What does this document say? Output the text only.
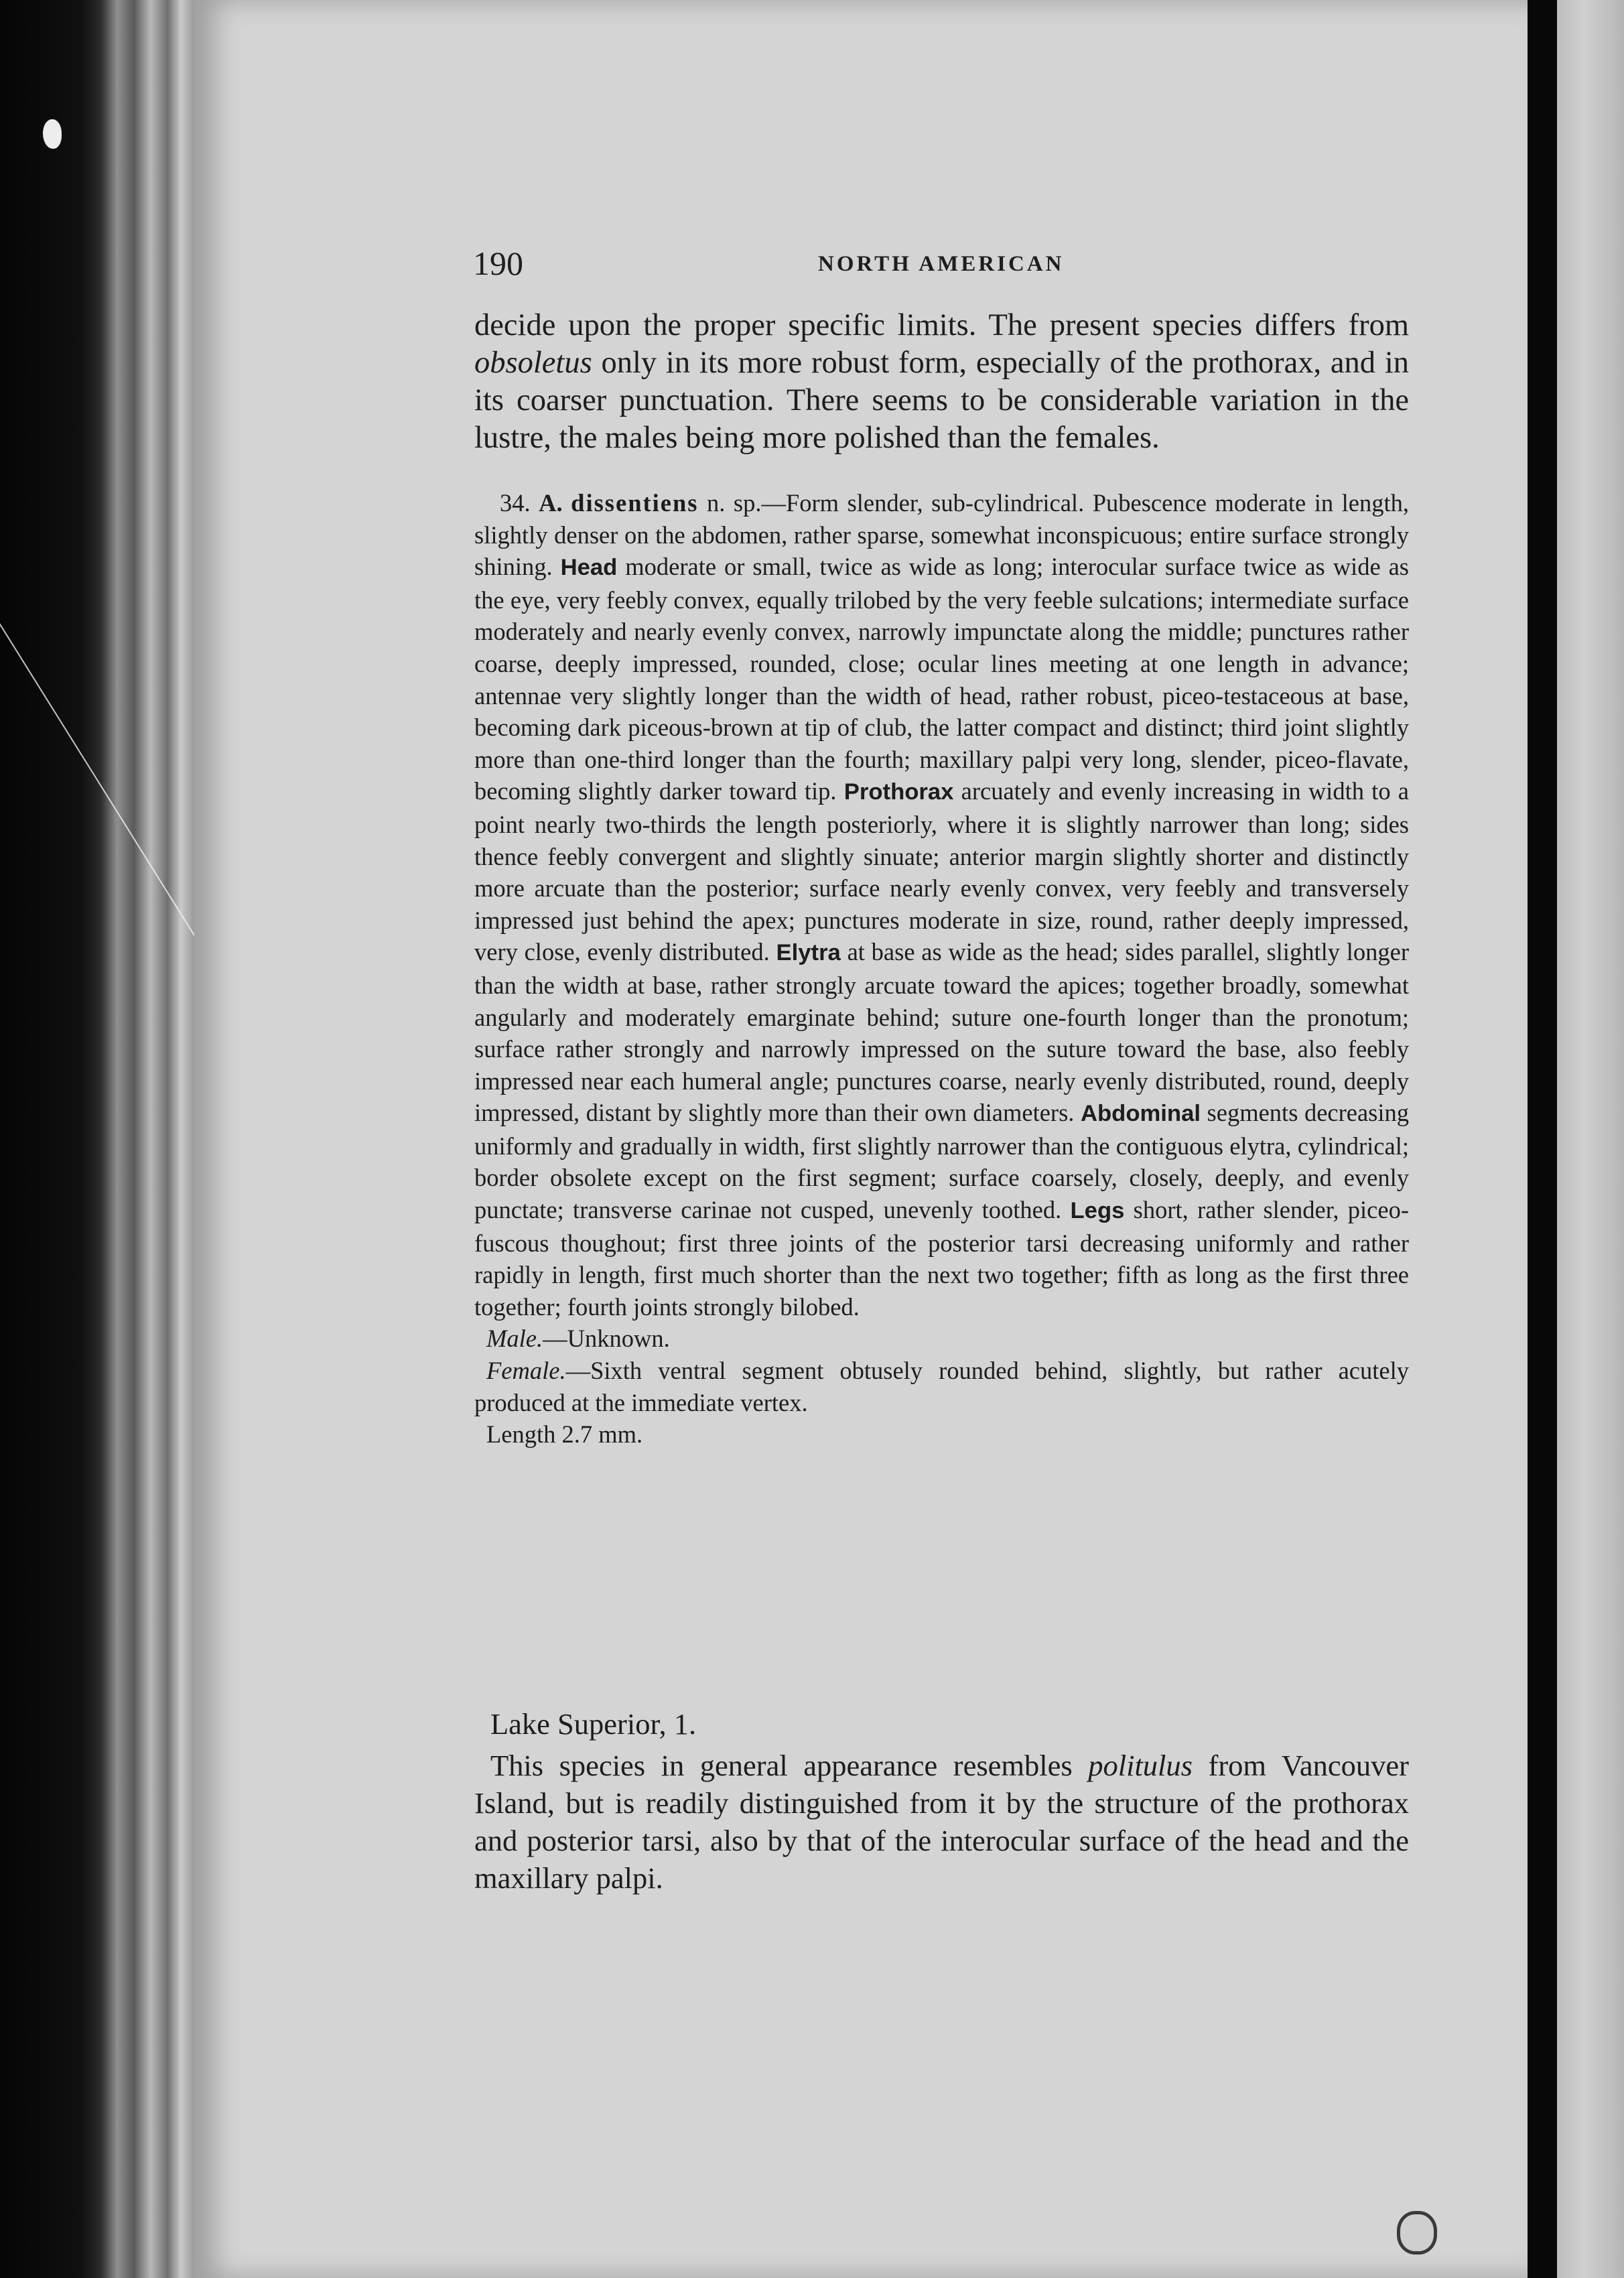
190	NORTH AMERICAN

decide upon the proper specific limits. The present species differs from obsoletus only in its more robust form, especially of the prothorax, and in its coarser punctuation. There seems to be considerable variation in the lustre, the males being more polished than the females.

34. A. dissentiens n. sp.—Form slender, sub-cylindrical. Pubescence moderate in length, slightly denser on the abdomen, rather sparse, somewhat inconspicuous; entire surface strongly shining. Head moderate or small, twice as wide as long; interocular surface twice as wide as the eye, very feebly convex, equally trilobed by the very feeble sulcations; intermediate surface moderately and nearly evenly convex, narrowly impunctate along the middle; punctures rather coarse, deeply impressed, rounded, close; ocular lines meeting at one length in advance; antennae very slightly longer than the width of head, rather robust, piceo-testaceous at base, becoming dark piceous-brown at tip of club, the latter compact and distinct; third joint slightly more than one-third longer than the fourth; maxillary palpi very long, slender, piceo-flavate, becoming slightly darker toward tip. Prothorax arcuately and evenly increasing in width to a point nearly two-thirds the length posteriorly, where it is slightly narrower than long; sides thence feebly convergent and slightly sinuate; anterior margin slightly shorter and distinctly more arcuate than the posterior; surface nearly evenly convex, very feebly and transversely impressed just behind the apex; punctures moderate in size, round, rather deeply impressed, very close, evenly distributed. Elytra at base as wide as the head; sides parallel, slightly longer than the width at base, rather strongly arcuate toward the apices; together broadly, somewhat angularly and moderately emarginate behind; suture one-fourth longer than the pronotum; surface rather strongly and narrowly impressed on the suture toward the base, also feebly impressed near each humeral angle; punctures coarse, nearly evenly distributed, round, deeply impressed, distant by slightly more than their own diameters. Abdominal segments decreasing uniformly and gradually in width, first slightly narrower than the contiguous elytra, cylindrical; border obsolete except on the first segment; surface coarsely, closely, deeply, and evenly punctate; transverse carinae not cusped, unevenly toothed. Legs short, rather slender, piceo-fuscous thoughout; first three joints of the posterior tarsi decreasing uniformly and rather rapidly in length, first much shorter than the next two together; fifth as long as the first three together; fourth joints strongly bilobed.

Male.—Unknown.

Female.—Sixth ventral segment obtusely rounded behind, slightly, but rather acutely produced at the immediate vertex.

Length 2.7 mm.

Lake Superior, 1.

This species in general appearance resembles politulus from Vancouver Island, but is readily distinguished from it by the structure of the prothorax and posterior tarsi, also by that of the interocular surface of the head and the maxillary palpi.
